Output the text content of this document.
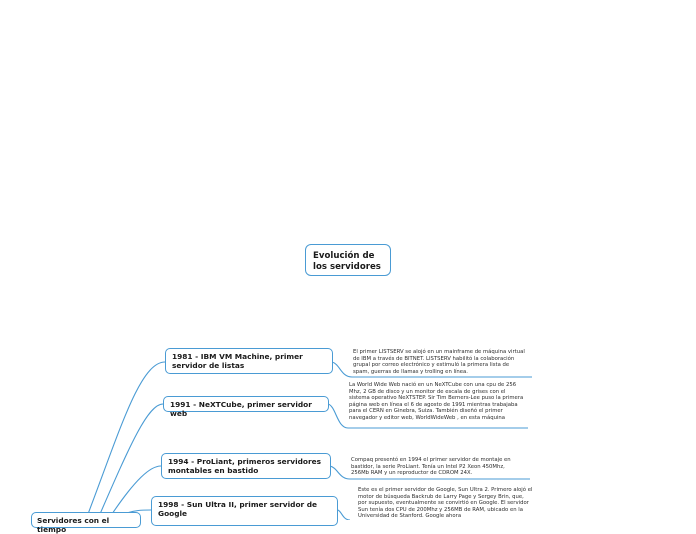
Evolución de los servidores
Servidores con el tiempo
1981 - IBM VM Machine, primer servidor de listas
El primer LISTSERV se alojó en un mainframe de máquina virtual de IBM a través de BITNET. LISTSERV habilitó la colaboración grupal por correo electrónico y estimuló la primera lista de spam, guerras de llamas y trolling en línea.
1991 - NeXTCube, primer servidor web
La World Wide Web nació en un NeXTCube con una cpu de 256 Mhz, 2 GB de disco y un monitor de escala de grises con el sistema operativo NeXTSTEP. Sir Tim Berners-Lee puso la primera página web en línea el 6 de agosto de 1991 mientras trabajaba para el CERN en Ginebra, Suiza. También diseñó el primer navegador y editor web, WorldWideWeb , en esta máquina
1994 - ProLiant, primeros servidores montables en bastido
Compaq presentó en 1994 el primer servidor de montaje en bastidor, la serie ProLiant. Tenía un Intel P2 Xeon 450Mhz, 256Mb RAM y un reproductor de CDROM 24X.
1998 - Sun Ultra II, primer servidor de Google
Este es el primer servidor de Google, Sun Ultra 2. Primero alojó el motor de búsqueda Backrub de Larry Page y Sergey Brin, que, por supuesto, eventualmente se convirtió en Google. El servidor Sun tenía dos CPU de 200Mhz y 256MB de RAM, ubicado en la Universidad de Stanford. Google ahora
